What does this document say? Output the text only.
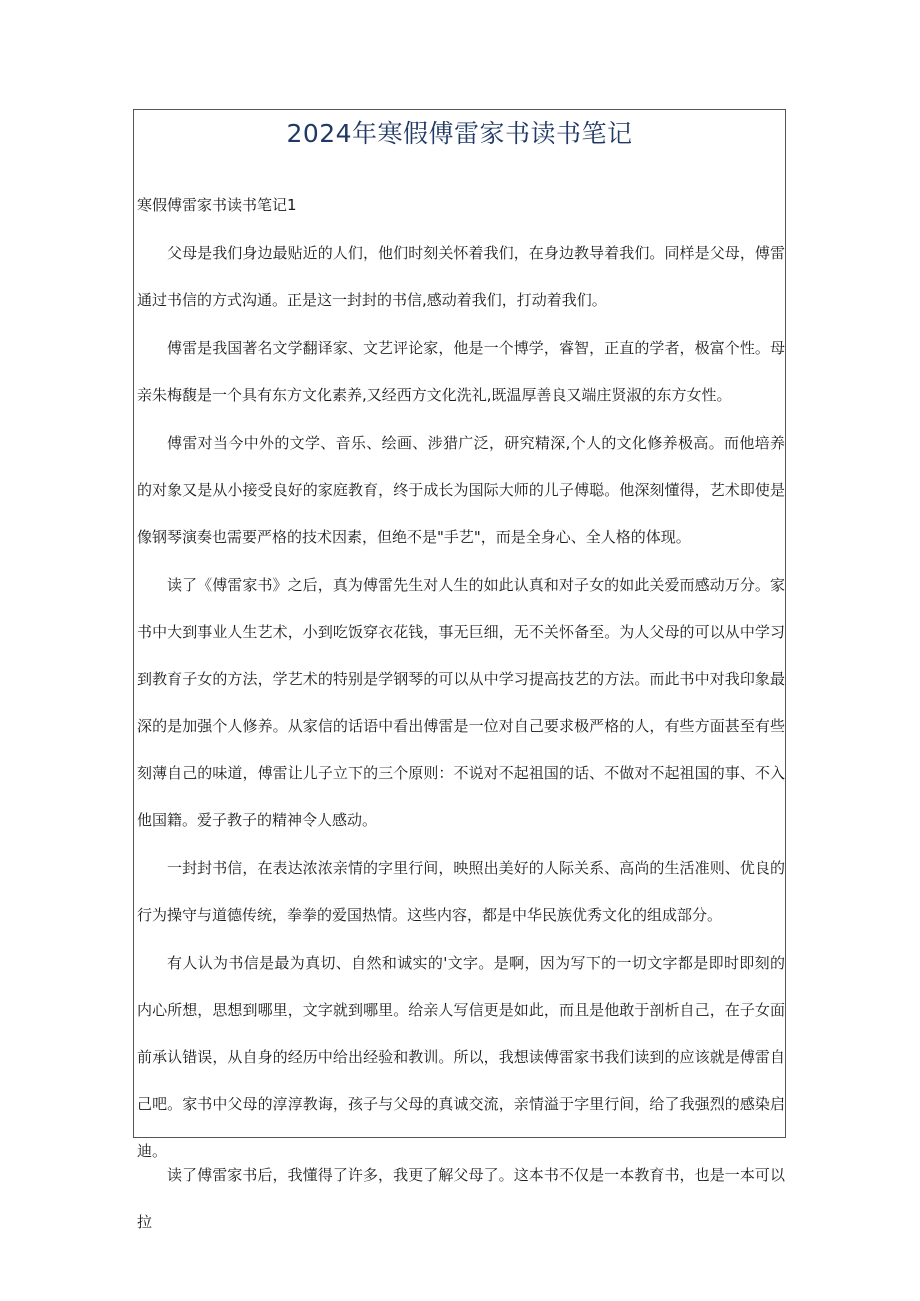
2024年寒假傅雷家书读书笔记
寒假傅雷家书读书笔记1

父母是我们身边最贴近的人们，他们时刻关怀着我们，在身边教导着我们。同样是父母，傅雷通过书信的方式沟通。正是这一封封的书信,感动着我们，打动着我们。

傅雷是我国著名文学翻译家、文艺评论家，他是一个博学，睿智，正直的学者，极富个性。母亲朱梅馥是一个具有东方文化素养,又经西方文化洗礼,既温厚善良又端庄贤淑的东方女性。

傅雷对当今中外的文学、音乐、绘画、涉猎广泛，研究精深,个人的文化修养极高。而他培养的对象又是从小接受良好的家庭教育，终于成长为国际大师的儿子傅聪。他深刻懂得，艺术即使是像钢琴演奏也需要严格的技术因素，但绝不是"手艺"，而是全身心、全人格的体现。

读了《傅雷家书》之后，真为傅雷先生对人生的如此认真和对子女的如此关爱而感动万分。家书中大到事业人生艺术，小到吃饭穿衣花钱，事无巨细，无不关怀备至。为人父母的可以从中学习到教育子女的方法，学艺术的特别是学钢琴的可以从中学习提高技艺的方法。而此书中对我印象最深的是加强个人修养。从家信的话语中看出傅雷是一位对自己要求极严格的人，有些方面甚至有些刻薄自己的味道，傅雷让儿子立下的三个原则：不说对不起祖国的话、不做对不起祖国的事、不入他国籍。爱子教子的精神令人感动。

一封封书信，在表达浓浓亲情的字里行间，映照出美好的人际关系、高尚的生活准则、优良的行为操守与道德传统，拳拳的爱国热情。这些内容，都是中华民族优秀文化的组成部分。

有人认为书信是最为真切、自然和诚实的'文字。是啊，因为写下的一切文字都是即时即刻的内心所想，思想到哪里，文字就到哪里。给亲人写信更是如此，而且是他敢于剖析自己，在子女面前承认错误，从自身的经历中给出经验和教训。所以，我想读傅雷家书我们读到的应该就是傅雷自己吧。家书中父母的淳淳教诲，孩子与父母的真诚交流，亲情溢于字里行间，给了我强烈的感染启迪。

读了傅雷家书后，我懂得了许多，我更了解父母了。这本书不仅是一本教育书，也是一本可以拉
